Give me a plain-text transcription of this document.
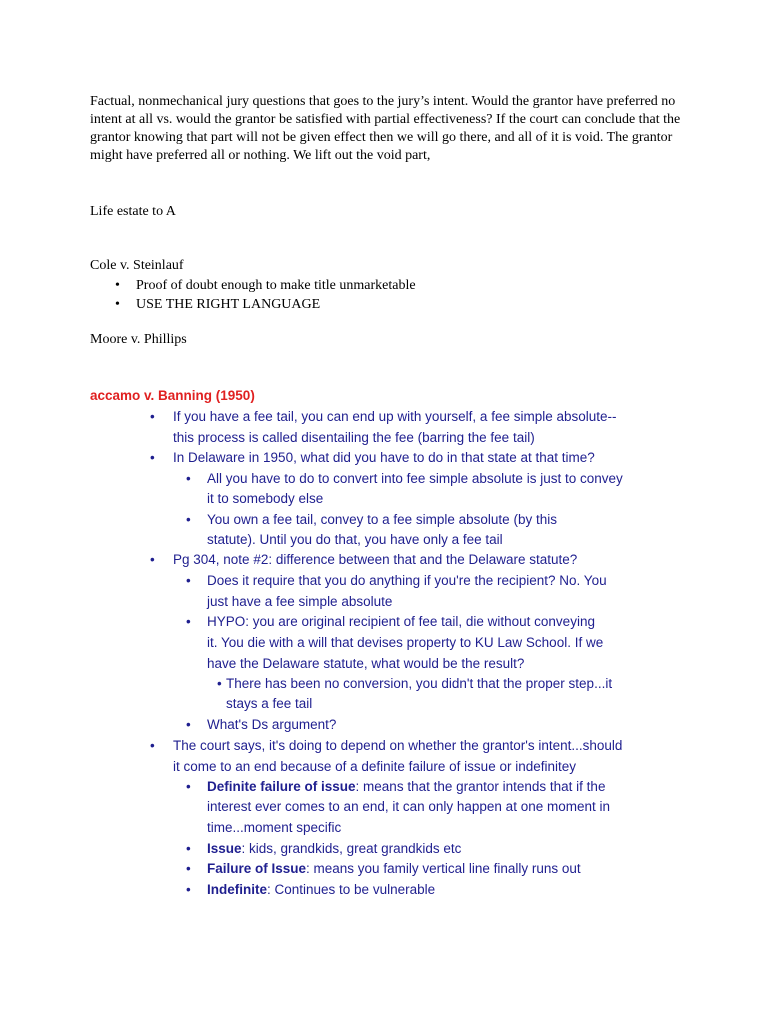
Factual, nonmechanical jury questions that goes to the jury’s intent. Would the grantor have preferred no intent at all vs. would the grantor be satisfied with partial effectiveness? If the court can conclude that the grantor knowing that part will not be given effect then we will go there, and all of it is void. The grantor might have preferred all or nothing. We lift out the void part,

Life estate to A

Cole v. Steinlauf

• Proof of doubt enough to make title unmarketable
• USE THE RIGHT LANGUAGE

Moore v. Phillips

accamo v. Banning (1950)

• If you have a fee tail, you can end up with yourself, a fee simple absolute--
this process is called disentailing the fee (barring the fee tail)
• In Delaware in 1950, what did you have to do in that state at that time?
• All you have to do to convert into fee simple absolute is just to convey
it to somebody else
• You own a fee tail, convey to a fee simple absolute (by this
statute). Until you do that, you have only a fee tail
• Pg 304, note #2: difference between that and the Delaware statute?
• Does it require that you do anything if you're the recipient? No. You
just have a fee simple absolute
• HYPO: you are original recipient of fee tail, die without conveying
it. You die with a will that devises property to KU Law School. If we
have the Delaware statute, what would be the result?
• There has been no conversion, you didn't that the proper step...it
stays a fee tail
• What's Ds argument?
• The court says, it's doing to depend on whether the grantor's intent...should
it come to an end because of a definite failure of issue or indefinitey
• Definite failure of issue: means that the grantor intends that if the
interest ever comes to an end, it can only happen at one moment in
time...moment specific
• Issue: kids, grandkids, great grandkids etc
• Failure of Issue: means you family vertical line finally runs out
• Indefinite: Continues to be vulnerable
